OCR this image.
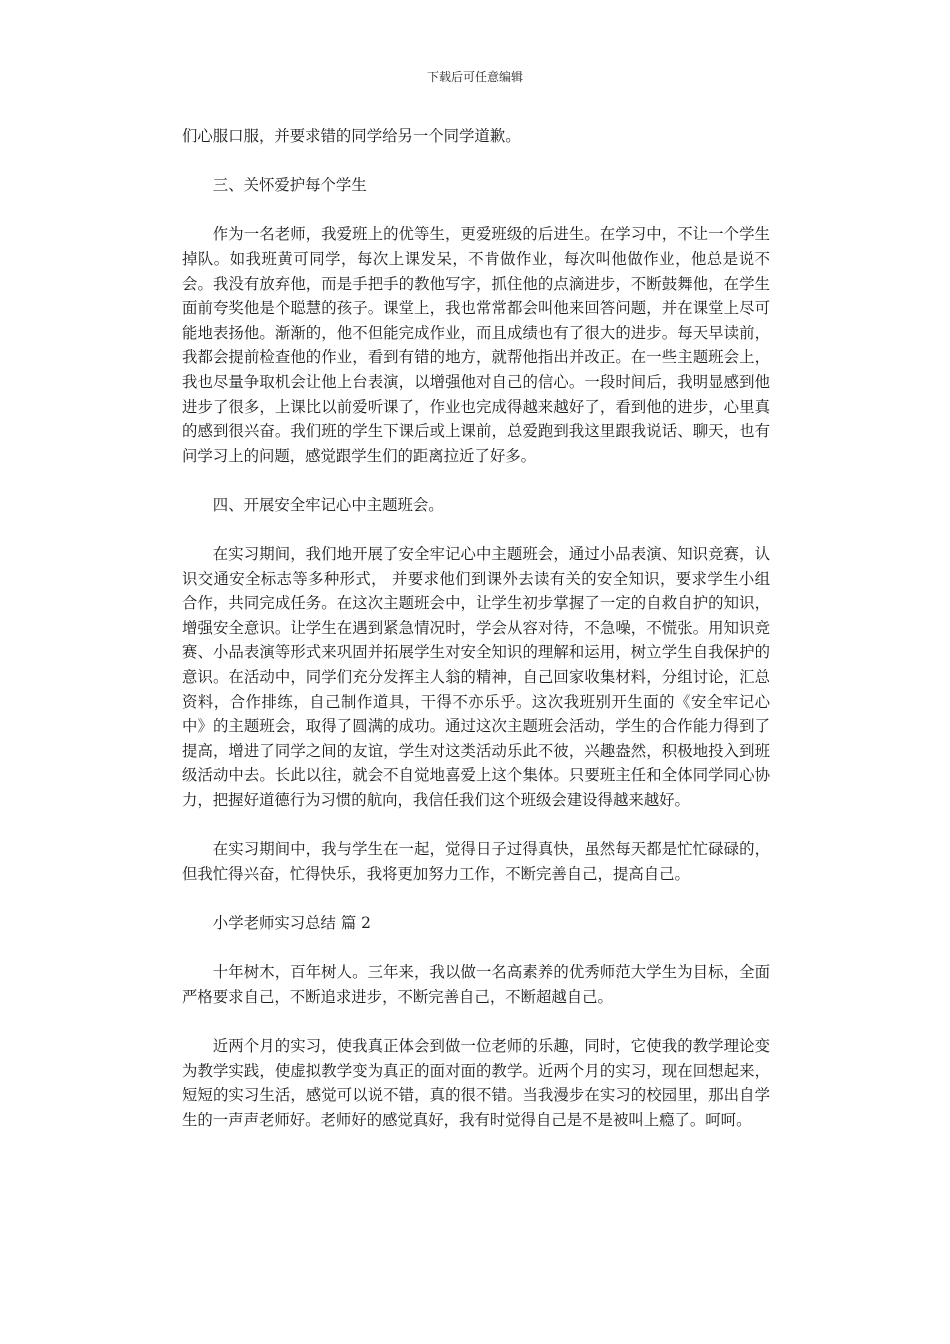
下载后可任意编辑

们心服口服，并要求错的同学给另一个同学道歉。

三、关怀爱护每个学生

作为一名老师，我爱班上的优等生，更爱班级的后进生。在学习中，不让一个学生掉队。如我班黄可同学，每次上课发呆，不肯做作业，每次叫他做作业，他总是说不会。我没有放弃他，而是手把手的教他写字，抓住他的点滴进步，不断鼓舞他，在学生面前夸奖他是个聪慧的孩子。课堂上，我也常常都会叫他来回答问题，并在课堂上尽可能地表扬他。渐渐的，他不但能完成作业，而且成绩也有了很大的进步。每天早读前，我都会提前检查他的作业，看到有错的地方，就帮他指出并改正。在一些主题班会上，我也尽量争取机会让他上台表演，以增强他对自己的信心。一段时间后，我明显感到他进步了很多，上课比以前爱听课了，作业也完成得越来越好了，看到他的进步，心里真的感到很兴奋。我们班的学生下课后或上课前，总爱跑到我这里跟我说话、聊天，也有问学习上的问题，感觉跟学生们的距离拉近了好多。

四、开展安全牢记心中主题班会。

在实习期间，我们地开展了安全牢记心中主题班会，通过小品表演、知识竞赛，认识交通安全标志等多种形式， 并要求他们到课外去读有关的安全知识，要求学生小组合作，共同完成任务。在这次主题班会中，让学生初步掌握了一定的自救自护的知识，增强安全意识。让学生在遇到紧急情况时，学会从容对待，不急噪，不慌张。用知识竞赛、小品表演等形式来巩固并拓展学生对安全知识的理解和运用，树立学生自我保护的意识。在活动中，同学们充分发挥主人翁的精神，自己回家收集材料，分组讨论，汇总资料，合作排练，自己制作道具，干得不亦乐乎。这次我班别开生面的《安全牢记心中》的主题班会，取得了圆满的成功。通过这次主题班会活动，学生的合作能力得到了提高，增进了同学之间的友谊，学生对这类活动乐此不彼，兴趣盎然，积极地投入到班级活动中去。长此以往，就会不自觉地喜爱上这个集体。只要班主任和全体同学同心协力，把握好道德行为习惯的航向，我信任我们这个班级会建设得越来越好。

在实习期间中，我与学生在一起，觉得日子过得真快，虽然每天都是忙忙碌碌的，但我忙得兴奋，忙得快乐，我将更加努力工作，不断完善自己，提高自己。

小学老师实习总结 篇 2

十年树木，百年树人。三年来，我以做一名高素养的优秀师范大学生为目标，全面严格要求自己，不断追求进步，不断完善自己，不断超越自己。

近两个月的实习，使我真正体会到做一位老师的乐趣，同时，它使我的教学理论变为教学实践，使虚拟教学变为真正的面对面的教学。近两个月的实习，现在回想起来，短短的实习生活，感觉可以说不错，真的很不错。当我漫步在实习的校园里，那出自学生的一声声老师好。老师好的感觉真好，我有时觉得自己是不是被叫上瘾了。呵呵。
